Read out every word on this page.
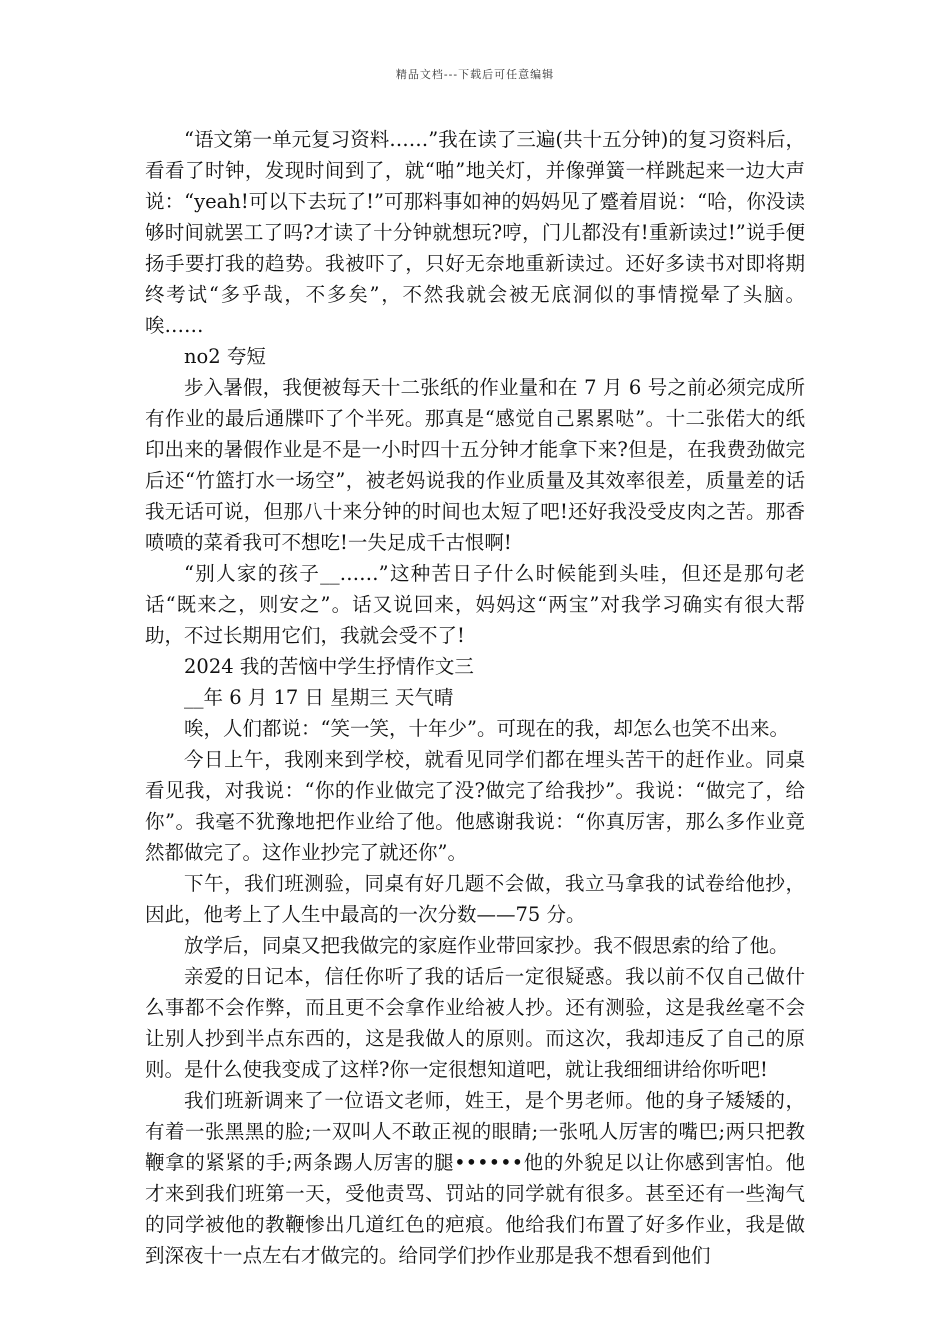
精品文档---下载后可任意编辑

“语文第一单元复习资料……”我在读了三遍(共十五分钟)的复习资料后，看看了时钟，发现时间到了，就“啪”地关灯，并像弹簧一样跳起来一边大声说：“yeah!可以下去玩了!”可那料事如神的妈妈见了蹙着眉说：“哈，你没读够时间就罢工了吗?才读了十分钟就想玩?哼，门儿都没有!重新读过!”说手便扬手要打我的趋势。我被吓了，只好无奈地重新读过。还好多读书对即将期终考试“多乎哉，不多矣”，不然我就会被无底洞似的事情搅晕了头脑。唉……

no2 夸短

步入暑假，我便被每天十二张纸的作业量和在 7 月 6 号之前必须完成所有作业的最后通牒吓了个半死。那真是“感觉自己累累哒”。十二张偌大的纸印出来的暑假作业是不是一小时四十五分钟才能拿下来?但是，在我费劲做完后还“竹篮打水一场空”，被老妈说我的作业质量及其效率很差，质量差的话我无话可说，但那八十来分钟的时间也太短了吧!还好我没受皮肉之苦。那香喷喷的菜肴我可不想吃!一失足成千古恨啊!

“别人家的孩子__……”这种苦日子什么时候能到头哇，但还是那句老话“既来之，则安之”。话又说回来，妈妈这“两宝”对我学习确实有很大帮助，不过长期用它们，我就会受不了!

2024 我的苦恼中学生抒情作文三

__年 6 月 17 日 星期三 天气晴

唉，人们都说：“笑一笑，十年少”。可现在的我，却怎么也笑不出来。

今日上午，我刚来到学校，就看见同学们都在埋头苦干的赶作业。同桌看见我，对我说：“你的作业做完了没?做完了给我抄”。我说：“做完了，给你”。我毫不犹豫地把作业给了他。他感谢我说：“你真厉害，那么多作业竟然都做完了。这作业抄完了就还你”。

下午，我们班测验，同桌有好几题不会做，我立马拿我的试卷给他抄，因此，他考上了人生中最高的一次分数——75 分。

放学后，同桌又把我做完的家庭作业带回家抄。我不假思索的给了他。

亲爱的日记本，信任你听了我的话后一定很疑惑。我以前不仅自己做什么事都不会作弊，而且更不会拿作业给被人抄。还有测验，这是我丝毫不会让别人抄到半点东西的，这是我做人的原则。而这次，我却违反了自己的原则。是什么使我变成了这样?你一定很想知道吧，就让我细细讲给你听吧!

我们班新调来了一位语文老师，姓王，是个男老师。他的身子矮矮的，有着一张黑黑的脸;一双叫人不敢正视的眼睛;一张吼人厉害的嘴巴;两只把教鞭拿的紧紧的手;两条踢人厉害的腿••••••他的外貌足以让你感到害怕。他才来到我们班第一天，受他责骂、罚站的同学就有很多。甚至还有一些淘气的同学被他的教鞭惨出几道红色的疤痕。他给我们布置了好多作业，我是做到深夜十一点左右才做完的。给同学们抄作业那是我不想看到他们
